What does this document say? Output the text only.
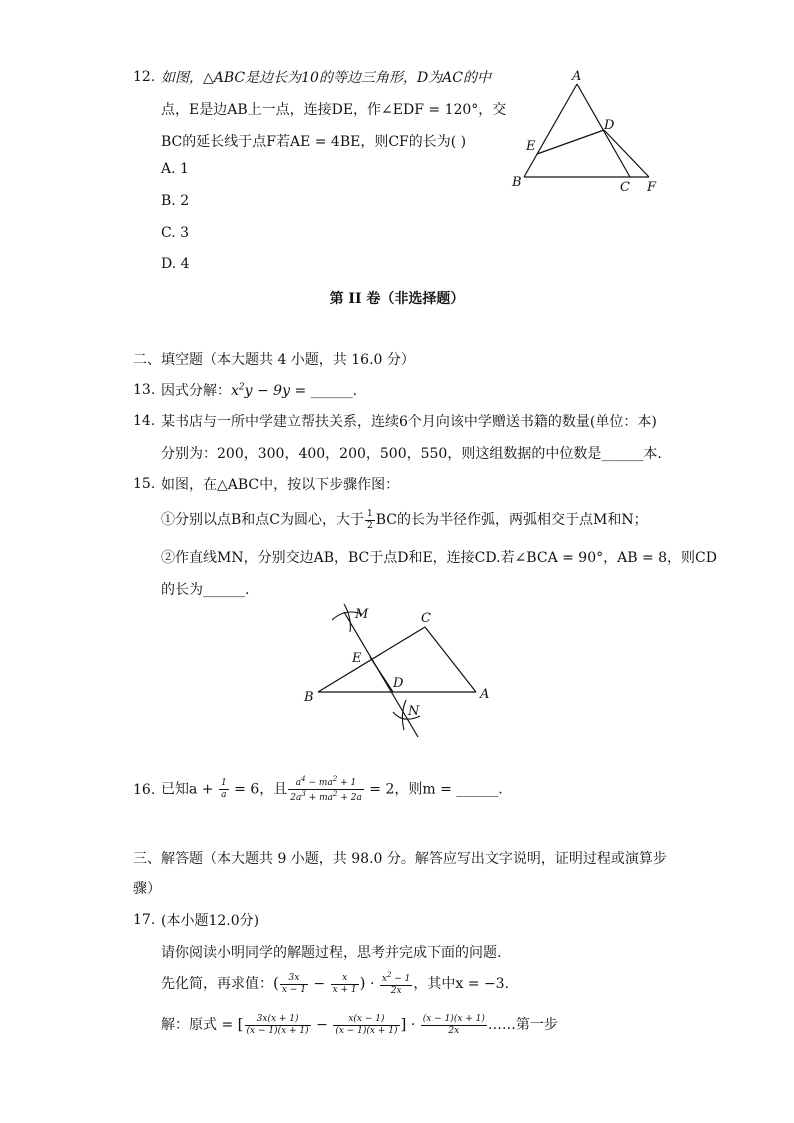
12. 如图，△ABC是边长为10的等边三角形，D为AC的中
点，E是边AB上一点，连接DE，作∠EDF = 120°，交
BC的延长线于点F若AE = 4BE，则CF的长为( )
A. 1
B. 2
C. 3
D. 4
A
B	C
D
E
F
第 II 卷（非选择题）
二、填空题（本大题共 4 小题，共 16.0 分）
13. 因式分解：$x^2y - 9y$ = ______.
14. 某书店与一所中学建立帮扶关系，连续6个月向该中学赠送书籍的数量(单位：本)
分别为：200，300，400，200，500，550，则这组数据的中位数是______本.
15. 如图，在△ABC中，按以下步骤作图：
①分别以点B和点C为圆心，大于 $\frac{1}{2}$ BC的长为半径作弧，两弧相交于点M和N；
②作直线MN，分别交边AB，BC于点D和E，连接CD.若∠BCA = 90°，AB = 8，则CD
的长为______.
M	C
E
D
B	A
N
16. 已知$a + \frac{1}{a} = 6$，且 $\frac{a^4 - ma^2 + 1}{2a^3 + ma^2 + 2a} = 2$，则m = ______.
三、解答题（本大题共 9 小题，共 98.0 分。解答应写出文字说明，证明过程或演算步
骤）
17. (本小题12.0分)
请你阅读小明同学的解题过程，思考并完成下面的问题.
先化简，再求值：( $\frac{3x}{x - 1} - \frac{x}{x + 1}$ ) · $\frac{x^2 - 1}{2x}$ ，其中x = −3.
解：原式 = [ $\frac{3x(x + 1)}{(x - 1)(x + 1)} - \frac{x(x - 1)}{(x - 1)(x + 1)}$ ] · $\frac{(x - 1)(x + 1)}{2x}$ ……第一步
